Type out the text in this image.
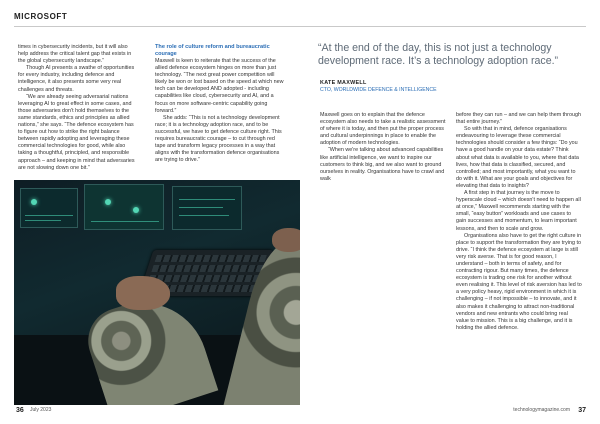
MICROSOFT

times in cybersecurity incidents, but it will also help address the critical talent gap that exists in the global cybersecurity landscape.”

Though AI presents a swathe of opportunities for every industry, including defence and intelligence, it also presents some very real challenges and threats.

“We are already seeing adversarial nations leveraging AI to great effect in some cases, and those adversaries don't hold themselves to the same standards, ethics and principles as allied nations,” she says. “The defence ecosystem has to figure out how to strike the right balance between rapidly adopting and leveraging these commercial technologies for good, while also taking a thoughtful, principled, and responsible approach – and keeping in mind that adversaries are not slowing down one bit.”

The role of culture reform and bureaucratic courage

Maxwell is keen to reiterate that the success of the allied defence ecosystem hinges on more than just technology. “The next great power competition will likely be won or lost based on the speed at which new tech can be developed AND adopted - including capabilities like cloud, cybersecurity and AI, and a focus on more software-centric capability going forward.”

She adds: “This is not a technology development race; it is a technology adoption race, and to be successful, we have to get defence culture right. This requires bureaucratic courage – to cut through red tape and transform legacy processes in a way that aligns with the transformation defence organisations are trying to drive.”

36 July 2023
“At the end of the day, this is not just a technology development race. It’s a technology adoption race.”
KATE MAXWELL
CTO, WORLDWIDE DEFENCE & INTELLIGENCE

Maxwell goes on to explain that the defence ecosystem also needs to take a realistic assessment of where it is today, and then put the proper process and cultural underpinnings in place to enable the adoption of modern technologies.

“When we're talking about advanced capabilities like artificial intelligence, we want to inspire our customers to think big, and we also want to ground ourselves in reality. Organisations have to crawl and walk

before they can run – and we can help them through that entire journey.”

So with that in mind, defence organisations endeavouring to leverage these commercial technologies should consider a few things: “Do you have a good handle on your data estate? Think about what data is available to you, where that data lives, how that data is classified, secured, and controlled; and most importantly, what you want to do with it. What are your goals and objectives for elevating that data to insights?

A first step in that journey is the move to hyperscale cloud – which doesn't need to happen all at once,” Maxwell recommends starting with the small, “easy button” workloads and use cases to gain successes and momentum, to learn important lessons, and then to scale and grow.

Organisations also have to get the right culture in place to support the transformation they are trying to drive. “I think the defence ecosystem at large is still very risk averse. That is for good reason, I understand – both in terms of safety, and for contracting rigour. But many times, the defence ecosystem is trading one risk for another without even realising it. This level of risk aversion has led to a very policy heavy, rigid environment in which it is challenging – if not impossible – to innovate, and it also makes it challenging to attract non-traditional vendors and new entrants who could bring real value to mission. This is a big challenge, and it is holding the allied defence.

technologymagazine.com 37
